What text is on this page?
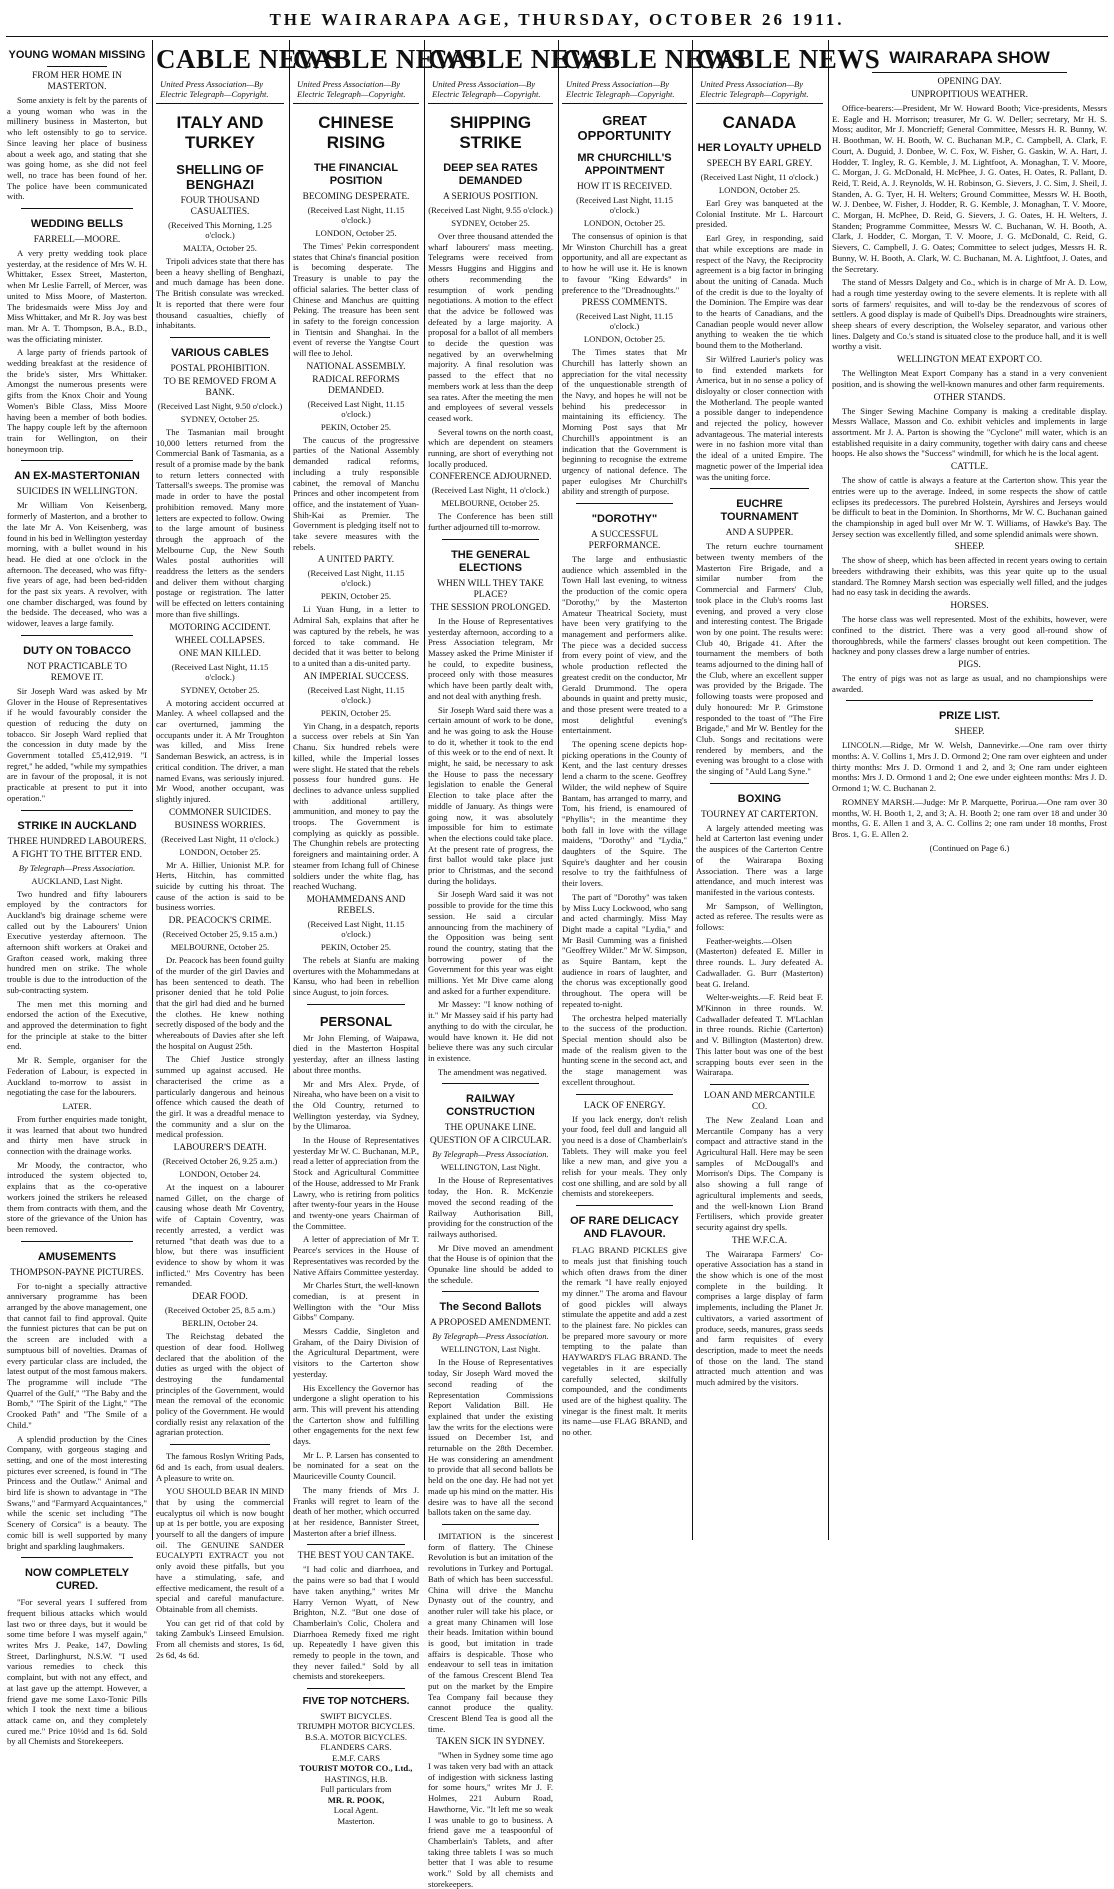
THE WAIRARAPA AGE, THURSDAY, OCTOBER 26 1911.
YOUNG WOMAN MISSING
FROM HER HOME IN MASTERTON.

Some anxiety is felt by the parents of a young woman who was in the millinery business in Masterton, but who left ostensibly to go to service. Since leaving her place of business about a week ago, and stating that she was going home, as she did not feel well, no trace has been found of her. The police have been communicated with.

WEDDING BELLS
FARRELL—MOORE.

A very pretty wedding took place yesterday, at the residence of Mrs W. H. Whittaker, Essex Street, Masterton, when Mr Leslie Farrell, of Mercer, was united to Miss Moore, of Masterton. The bridesmaids were Miss Joy and Miss Whittaker, and Mr R. Joy was best man. Mr A. T. Thompson, B.A., B.D., was the officiating minister.

A large party of friends partook of wedding breakfast at the residence of the bride's sister, Mrs Whittaker. Amongst the numerous presents were gifts from the Knox Choir and Young Women's Bible Class, Miss Moore having been a member of both bodies. The happy couple left by the afternoon train for Wellington, on their honeymoon trip.

AN EX-MASTERTONIAN
SUICIDES IN WELLINGTON.

Mr William Von Keisenberg, formerly of Masterton, and a brother to the late Mr A. Von Keisenberg, was found in his bed in Wellington yesterday morning, with a bullet wound in his head. He died at one o'clock in the afternoon. The deceased, who was fifty-five years of age, had been bed-ridden for the past six years. A revolver, with one chamber discharged, was found by the bedside. The deceased, who was a widower, leaves a large family.

DUTY ON TOBACCO
NOT PRACTICABLE TO REMOVE IT.

Sir Joseph Ward was asked by Mr Glover in the House of Representatives if he would favourably consider the question of reducing the duty on tobacco. Sir Joseph Ward replied that the concession in duty made by the Government totalled £5,412,919. "I regret," he added, "while my sympathies are in favour of the proposal, it is not practicable at present to put it into operation."

STRIKE IN AUCKLAND
THREE HUNDRED LABOURERS.
A FIGHT TO THE BITTER END.
By Telegraph—Press Association.
AUCKLAND, Last Night.

Two hundred and fifty labourers employed by the contractors for Auckland's big drainage scheme were called out by the Labourers' Union Executive yesterday afternoon. The afternoon shift workers at Orakei and Grafton ceased work, making three hundred men on strike. The whole trouble is due to the introduction of the sub-contracting system.

The men met this morning and endorsed the action of the Executive, and approved the determination to fight for the principle at stake to the bitter end.

Mr R. Semple, organiser for the Federation of Labour, is expected in Auckland to-morrow to assist in negotiating the case for the labourers.

LATER.

From further enquiries made tonight, it was learned that about two hundred and thirty men have struck in connection with the drainage works.

Mr Moody, the contractor, who introduced the system objected to, explains that as the co-operative workers joined the strikers he released them from contracts with them, and the store of the grievance of the Union has been removed.

AMUSEMENTS
THOMPSON-PAYNE PICTURES.

For to-night a specially attractive anniversary programme has been arranged by the above management, one that cannot fail to find approval. Quite the funniest pictures that can be put on the screen are included with a sumptuous bill of novelties. Dramas of every particular class are included, the latest output of the most famous makers. The programme will include "The Quarrel of the Gulf," "The Baby and the Bomb," "The Spirit of the Light," "The Crooked Path" and "The Smile of a Child."

A splendid production by the Cines Company, with gorgeous staging and setting, and one of the most interesting pictures ever screened, is found in "The Princess and the Outlaw." Animal and bird life is shown to advantage in "The Swans," and "Farmyard Acquaintances," while the scenic set including "The Scenery of Corsica" is a beauty. The comic bill is well supported by many bright and sparkling laughmakers.

NOW COMPLETELY CURED.

"For several years I suffered from frequent bilious attacks which would last two or three days, but it would be some time before I was myself again," writes Mrs J. Peake, 147, Dowling Street, Darlinghurst, N.S.W. "I used various remedies to check this complaint, but with not any effect, and at last gave up the attempt. However, a friend gave me some Laxo-Tonic Pills which I took the next time a bilious attack came on, and they completely cured me." Price 10½d and 1s 6d. Sold by all Chemists and Storekeepers.

CABLE NEWS
United Press Association—By Electric Telegraph—Copyright.
ITALY AND TURKEY
SHELLING OF BENGHAZI
FOUR THOUSAND CASUALTIES.
(Received This Morning, 1.25 o'clock.)
MALTA, October 25.

Tripoli advices state that there has been a heavy shelling of Benghazi, and much damage has been done. The British consulate was wrecked. It is reported that there were four thousand casualties, chiefly of inhabitants.

VARIOUS CABLES
POSTAL PROHIBITION.
TO BE REMOVED FROM A BANK.
(Received Last Night, 9.50 o'clock.)
SYDNEY, October 25.

The Tasmanian mail brought 10,000 letters returned from the Commercial Bank of Tasmania, as a result of a promise made by the bank to return letters connected with Tattersall's sweeps. The promise was made in order to have the postal prohibition removed. Many more letters are expected to follow. Owing to the large amount of business through the approach of the Melbourne Cup, the New South Wales postal authorities will readdress the letters as the senders and deliver them without charging postage or registration. The latter will be effected on letters containing more than five shillings.

MOTORING ACCIDENT.
WHEEL COLLAPSES.
ONE MAN KILLED.
(Received Last Night, 11.15 o'clock.)
SYDNEY, October 25.

A motoring accident occurred at Manley. A wheel collapsed and the car overturned, jamming the occupants under it. A Mr Troughton was killed, and Miss Irene Sandeman Beswick, an actress, is in critical condition. The driver, a man named Evans, was seriously injured. Mr Wood, another occupant, was slightly injured.

COMMONER SUICIDES.
BUSINESS WORRIES.
(Received Last Night, 11 o'clock.)
LONDON, October 25.

Mr A. Hillier, Unionist M.P. for Herts, Hitchin, has committed suicide by cutting his throat. The cause of the action is said to be business worries.

DR. PEACOCK'S CRIME.
(Received October 25, 9.15 a.m.)
MELBOURNE, October 25.

Dr. Peacock has been found guilty of the murder of the girl Davies and has been sentenced to death. The prisoner denied that he told Polie that the girl had died and he burned the clothes. He knew nothing secretly disposed of the body and the whereabouts of Davies after she left the hospital on August 25th.

The Chief Justice strongly summed up against accused. He characterised the crime as a particularly dangerous and heinous offence which caused the death of the girl. It was a dreadful menace to the community and a slur on the medical profession.

LABOURER'S DEATH.
(Received October 26, 9.25 a.m.)
LONDON, October 24.

At the inquest on a labourer named Gillet, on the charge of causing whose death Mr Coventry, wife of Captain Coventry, was recently arrested, a verdict was returned "that death was due to a blow, but there was insufficient evidence to show by whom it was inflicted." Mrs Coventry has been remanded.

DEAR FOOD.
(Received October 25, 8.5 a.m.)
BERLIN, October 24.

The Reichstag debated the question of dear food. Hollweg declared that the abolition of the duties as urged with the object of destroying the fundamental principles of the Government, would mean the removal of the economic policy of the Government. He would cordially resist any relaxation of the agrarian protection.

The famous Roslyn Writing Pads, 6d and 1s each, from usual dealers. A pleasure to write on.

YOU SHOULD BEAR IN MIND that by using the commercial eucalyptus oil which is now bought up at 1s per bottle, you are exposing yourself to all the dangers of impure oil. The GENUINE SANDER EUCALYPTI EXTRACT you not only avoid these pitfalls, but you have a stimulating, safe, and effective medicament, the result of a special and careful manufacture. Obtainable from all chemists.

You can get rid of that cold by taking Zambuk's Linseed Emulsion. From all chemists and stores, 1s 6d, 2s 6d, 4s 6d.

CABLE NEWS
United Press Association—By Electric Telegraph—Copyright.
CHINESE RISING
THE FINANCIAL POSITION
BECOMING DESPERATE.
(Received Last Night, 11.15 o'clock.)
LONDON, October 25.

The Times' Pekin correspondent states that China's financial position is becoming desperate. The Treasury is unable to pay the official salaries. The better class of Chinese and Manchus are quitting Peking. The treasure has been sent in safety to the foreign concession in Tientsin and Shanghai. In the event of reverse the Yangtse Court will flee to Jehol.

NATIONAL ASSEMBLY.
RADICAL REFORMS DEMANDED.
(Received Last Night, 11.15 o'clock.)
PEKIN, October 25.

The caucus of the progressive parties of the National Assembly demanded radical reforms, including a truly responsible cabinet, the removal of Manchu Princes and other incompetent from office, and the instatement of Yuan-Shih-Kai as Premier. The Government is pledging itself not to take severe measures with the rebels.

A UNITED PARTY.
(Received Last Night, 11.15 o'clock.)
PEKIN, October 25.

Li Yuan Hung, in a letter to Admiral Sah, explains that after he was captured by the rebels, he was forced to take command. He decided that it was better to belong to a united than a dis-united party.

AN IMPERIAL SUCCESS.
(Received Last Night, 11.15 o'clock.)
PEKIN, October 25.

Yin Chang, in a despatch, reports a success over rebels at Sin Yan Chanu. Six hundred rebels were killed, while the Imperial losses were slight. He stated that the rebels possess four hundred guns. He declines to advance unless supplied with additional artillery, ammunition, and money to pay the troops. The Government is complying as quickly as possible. The Chunghin rebels are protecting foreigners and maintaining order. A steamer from Ichang full of Chinese soldiers under the white flag, has reached Wuchang.

MOHAMMEDANS AND REBELS.
(Received Last Night, 11.15 o'clock.)
PEKIN, October 25.

The rebels at Sianfu are making overtures with the Mohammedans at Kansu, who had been in rebellion since August, to join forces.

PERSONAL

Mr John Fleming, of Waipawa, died in the Masterton Hospital yesterday, after an illness lasting about three months.

Mr and Mrs Alex. Pryde, of Nireaha, who have been on a visit to the Old Country, returned to Wellington yesterday, via Sydney, by the Ulimaroa.

In the House of Representatives yesterday Mr W. C. Buchanan, M.P., read a letter of appreciation from the Stock and Agricultural Committee of the House, addressed to Mr Frank Lawry, who is retiring from politics after twenty-four years in the House and twenty-one years Chairman of the Committee.

A letter of appreciation of Mr T. Pearce's services in the House of Representatives was recorded by the Native Affairs Committee yesterday.

Mr Charles Sturt, the well-known comedian, is at present in Wellington with the "Our Miss Gibbs" Company.

Messrs Caddie, Singleton and Graham, of the Dairy Division of the Agricultural Department, were visitors to the Carterton show yesterday.

His Excellency the Governor has undergone a slight operation to his arm. This will prevent his attending the Carterton show and fulfilling other engagements for the next few days.

Mr L. P. Larsen has consented to be nominated for a seat on the Mauriceville County Council.

The many friends of Mrs J. Franks will regret to learn of the death of her mother, which occurred at her residence, Bannister Street, Masterton after a brief illness.

THE BEST YOU CAN TAKE.

"I had colic and diarrhoea, and the pains were so bad that I would have taken anything," writes Mr Harry Vernon Wyatt, of New Brighton, N.Z. "But one dose of Chamberlain's Colic, Cholera and Diarrhoea Remedy fixed me right up. Repeatedly I have given this remedy to people in the town, and they never failed." Sold by all chemists and storekeepers.

FIVE TOP NOTCHERS.
SWIFT BICYCLES.
TRIUMPH MOTOR BICYCLES.
B.S.A. MOTOR BICYCLES.
FLANDERS CARS.
E.M.F. CARS
TOURIST MOTOR CO., Ltd.,
HASTINGS, H.B.
Full particulars from
MR. R. POOK,
Local Agent.
Masterton.
CABLE NEWS
United Press Association—By Electric Telegraph—Copyright.
SHIPPING STRIKE
DEEP SEA RATES DEMANDED
A SERIOUS POSITION.
(Received Last Night, 9.55 o'clock.)
SYDNEY, October 25.

Over three thousand attended the wharf labourers' mass meeting. Telegrams were received from Messrs Huggins and Higgins and others recommending the resumption of work pending negotiations. A motion to the effect that the advice be followed was defeated by a large majority. A proposal for a ballot of all members to decide the question was negatived by an overwhelming majority. A final resolution was passed to the effect that no members work at less than the deep sea rates. After the meeting the men and employees of several vessels ceased work.

Several towns on the north coast, which are dependent on steamers running, are short of everything not locally produced.

CONFERENCE ADJOURNED.
(Received Last Night, 11 o'clock.)
MELBOURNE, October 25.

The Conference has been still further adjourned till to-morrow.

THE GENERAL ELECTIONS
WHEN WILL THEY TAKE PLACE?
THE SESSION PROLONGED.

In the House of Representatives yesterday afternoon, according to a Press Association telegram, Mr Massey asked the Prime Minister if he could, to expedite business, proceed only with those measures which have been partly dealt with, and not deal with anything fresh.

Sir Joseph Ward said there was a certain amount of work to be done, and he was going to ask the House to do it, whether it took to the end of this week or to the end of next. It might, he said, be necessary to ask the House to pass the necessary legislation to enable the General Election to take place after the middle of January. As things were going now, it was absolutely impossible for him to estimate when the elections could take place. At the present rate of progress, the first ballot would take place just prior to Christmas, and the second during the holidays.

Sir Joseph Ward said it was not possible to provide for the time this session. He said a circular announcing from the machinery of the Opposition was being sent round the country, stating that the borrowing power of the Government for this year was eight millions. Yet Mr Dive came along and asked for a further expenditure.

Mr Massey: "I know nothing of it." Mr Massey said if his party had anything to do with the circular, he would have known it. He did not believe there was any such circular in existence.

The amendment was negatived.

RAILWAY CONSTRUCTION
THE OPUNAKE LINE.
QUESTION OF A CIRCULAR.
By Telegraph—Press Association.
WELLINGTON, Last Night.

In the House of Representatives today, the Hon. R. McKenzie moved the second reading of the Railway Authorisation Bill, providing for the construction of the railways authorised.

Mr Dive moved an amendment that the House is of opinion that the Opunake line should be added to the schedule.

The Second Ballots
A PROPOSED AMENDMENT.
By Telegraph—Press Association.
WELLINGTON, Last Night.

In the House of Representatives today, Sir Joseph Ward moved the second reading of the Representation Commissions Report Validation Bill. He explained that under the existing law the writs for the elections were issued on December 1st, and returnable on the 28th December. He was considering an amendment to provide that all second ballots be held on the one day. He had not yet made up his mind on the matter. His desire was to have all the second ballots taken on the same day.

IMITATION is the sincerest form of flattery. The Chinese Revolution is but an imitation of the revolutions in Turkey and Portugal. Bath of which has been successful. China will drive the Manchu Dynasty out of the country, and another ruler will take his place, or a great many Chinamen will lose their heads. Imitation within bound is good, but imitation in trade affairs is despicable. Those who endeavour to sell teas in imitation of the famous Crescent Blend Tea put on the market by the Empire Tea Company fail because they cannot produce the quality. Crescent Blend Tea is good all the time.

TAKEN SICK IN SYDNEY.

"When in Sydney some time ago I was taken very bad with an attack of indigestion with sickness lasting for some hours," writes Mr J. F. Holmes, 221 Auburn Road, Hawthorne, Vic. "It left me so weak I was unable to go to business. A friend gave me a teaspoonful of Chamberlain's Tablets, and after taking three tablets I was so much better that I was able to resume work." Sold by all chemists and storekeepers.

CABLE NEWS
United Press Association—By Electric Telegraph—Copyright.
GREAT OPPORTUNITY
MR CHURCHILL'S APPOINTMENT
HOW IT IS RECEIVED.
(Received Last Night, 11.15 o'clock.)
LONDON, October 25.

The consensus of opinion is that Mr Winston Churchill has a great opportunity, and all are expectant as to how he will use it. He is known to favour "King Edwards" in preference to the "Dreadnoughts."

PRESS COMMENTS.
(Received Last Night, 11.15 o'clock.)
LONDON, October 25.

The Times states that Mr Churchill has latterly shown an appreciation for the vital necessity of the unquestionable strength of the Navy, and hopes he will not be behind his predecessor in maintaining its efficiency. The Morning Post says that Mr Churchill's appointment is an indication that the Government is beginning to recognise the extreme urgency of national defence. The paper eulogises Mr Churchill's ability and strength of purpose.

"DOROTHY"
A SUCCESSFUL PERFORMANCE.

The large and enthusiastic audience which assembled in the Town Hall last evening, to witness the production of the comic opera "Dorothy," by the Masterton Amateur Theatrical Society, must have been very gratifying to the management and performers alike. The piece was a decided success from every point of view, and the whole production reflected the greatest credit on the conductor, Mr Gerald Drummond. The opera abounds in quaint and pretty music, and those present were treated to a most delightful evening's entertainment.

The opening scene depicts hop-picking operations in the County of Kent, and the last century dresses lend a charm to the scene. Geoffrey Wilder, the wild nephew of Squire Bantam, has arranged to marry, and Tom, his friend, is enamoured of "Phyllis"; in the meantime they both fall in love with the village maidens, "Dorothy" and "Lydia," daughters of the Squire. The Squire's daughter and her cousin resolve to try the faithfulness of their lovers.

The part of "Dorothy" was taken by Miss Lucy Lockwood, who sang and acted charmingly. Miss May Dight made a capital "Lydia," and Mr Basil Cumming was a finished "Geoffrey Wilder." Mr W. Simpson, as Squire Bantam, kept the audience in roars of laughter, and the chorus was exceptionally good throughout. The opera will be repeated to-night.

The orchestra helped materially to the success of the production. Special mention should also be made of the realism given to the hunting scene in the second act, and the stage management was excellent throughout.

LACK OF ENERGY.

If you lack energy, don't relish your food, feel dull and languid all you need is a dose of Chamberlain's Tablets. They will make you feel like a new man, and give you a relish for your meals. They only cost one shilling, and are sold by all chemists and storekeepers.

OF RARE DELICACY AND FLAVOUR.

FLAG BRAND PICKLES give to meals just that finishing touch which often draws from the diner the remark "I have really enjoyed my dinner." The aroma and flavour of good pickles will always stimulate the appetite and add a zest to the plainest fare. No pickles can be prepared more savoury or more tempting to the palate than HAYWARD'S FLAG BRAND. The vegetables in it are especially carefully selected, skilfully compounded, and the condiments used are of the highest quality. The vinegar is the finest malt. It merits its name—use FLAG BRAND, and no other.

CABLE NEWS
United Press Association—By Electric Telegraph—Copyright.
CANADA
HER LOYALTY UPHELD
SPEECH BY EARL GREY.
(Received Last Night, 11 o'clock.)
LONDON, October 25.

Earl Grey was banqueted at the Colonial Institute. Mr L. Harcourt presided.

Earl Grey, in responding, said that while exceptions are made in respect of the Navy, the Reciprocity agreement is a big factor in bringing about the uniting of Canada. Much of the credit is due to the loyalty of the Dominion. The Empire was dear to the hearts of Canadians, and the Canadian people would never allow anything to weaken the tie which bound them to the Motherland.

Sir Wilfred Laurier's policy was to find extended markets for America, but in no sense a policy of disloyalty or closer connection with the Motherland. The people wanted a possible danger to independence and rejected the policy, however advantageous. The material interests were in no fashion more vital than the ideal of a united Empire. The magnetic power of the Imperial idea was the uniting force.

EUCHRE TOURNAMENT
AND A SUPPER.

The return euchre tournament between twenty members of the Masterton Fire Brigade, and a similar number from the Commercial and Farmers' Club, took place in the Club's rooms last evening, and proved a very close and interesting contest. The Brigade won by one point. The results were: Club 40, Brigade 41. After the tournament the members of both teams adjourned to the dining hall of the Club, where an excellent supper was provided by the Brigade. The following toasts were proposed and duly honoured: Mr P. Grimstone responded to the toast of "The Fire Brigade," and Mr W. Bentley for the Club. Songs and recitations were rendered by members, and the evening was brought to a close with the singing of "Auld Lang Syne."

BOXING
TOURNEY AT CARTERTON.

A largely attended meeting was held at Carterton last evening under the auspices of the Carterton Centre of the Wairarapa Boxing Association. There was a large attendance, and much interest was manifested in the various contests.

Mr Sampson, of Wellington, acted as referee. The results were as follows:

Feather-weights.—Olsen (Masterton) defeated E. Miller in three rounds. L. Jury defeated A. Cadwallader. G. Burr (Masterton) beat G. Ireland.

Welter-weights.—F. Reid beat F. M'Kinnon in three rounds. W. Cadwallader defeated T. M'Lachlan in three rounds. Richie (Carterton) and V. Billington (Masterton) drew. This latter bout was one of the best scrapping bouts ever seen in the Wairarapa.

LOAN AND MERCANTILE CO.

The New Zealand Loan and Mercantile Company has a very compact and attractive stand in the Agricultural Hall. Here may be seen samples of McDougall's and Morrison's Dips. The Company is also showing a full range of agricultural implements and seeds, and the well-known Lion Brand Fertilisers, which provide greater security against dry spells.

THE W.F.C.A.

The Wairarapa Farmers' Co-operative Association has a stand in the show which is one of the most complete in the building. It comprises a large display of farm implements, including the Planet Jr. cultivators, a varied assortment of produce, seeds, manures, grass seeds and farm requisites of every description, made to meet the needs of those on the land. The stand attracted much attention and was much admired by the visitors.

WAIRARAPA SHOW
OPENING DAY.
UNPROPITIOUS WEATHER.

Office-bearers:—President, Mr W. Howard Booth; Vice-presidents, Messrs E. Eagle and H. Morrison; treasurer, Mr G. W. Deller; secretary, Mr H. S. Moss; auditor, Mr J. Moncrieff; General Committee, Messrs H. R. Bunny, W. H. Boothman, W. H. Booth, W. C. Buchanan M.P., C. Campbell, A. Clark, F. Court, A. Duguid, J. Donbee, W. C. Fox, W. Fisher, G. Gaskin, W. A. Hart, J. Hodder, T. Ingley, R. G. Kemble, J. M. Lightfoot, A. Monaghan, T. V. Moore, C. Morgan, J. G. McDonald, H. McPhee, J. G. Oates, H. Oates, R. Pallant, D. Reid, T. Reid, A. J. Reynolds, W. H. Robinson, G. Sievers, J. C. Sim, J. Sheil, J. Standen, A. G. Tyer, H. H. Welters; Ground Committee, Messrs W. H. Booth, W. J. Denbee, W. Fisher, J. Hodder, R. G. Kemble, J. Monaghan, T. V. Moore, C. Morgan, H. McPhee, D. Reid, G. Sievers, J. G. Oates, H. H. Welters, J. Standen; Programme Committee, Messrs W. C. Buchanan, W. H. Booth, A. Clark, J. Hodder, C. Morgan, T. V. Moore, J. G. McDonald, C. Reid, G. Sievers, C. Campbell, J. G. Oates; Committee to select judges, Messrs H. R. Bunny, W. H. Booth, A. Clark, W. C. Buchanan, M. A. Lightfoot, J. Oates, and the Secretary.

The stand of Messrs Dalgety and Co., which is in charge of Mr A. D. Low, had a rough time yesterday owing to the severe elements. It is replete with all sorts of farmers' requisites, and will to-day be the rendezvous of scores of settlers. A good display is made of Quibell's Dips. Dreadnoughts wire strainers, sheep shears of every description, the Wolseley separator, and various other lines. Dalgety and Co.'s stand is situated close to the produce hall, and it is well worthy a visit.

WELLINGTON MEAT EXPORT CO.

The Wellington Meat Export Company has a stand in a very convenient position, and is showing the well-known manures and other farm requirements.

OTHER STANDS.

The Singer Sewing Machine Company is making a creditable display. Messrs Wallace, Masson and Co. exhibit vehicles and implements in large assortment. Mr J. A. Parton is showing the "Cyclone" mill water, which is an established requisite in a dairy community, together with dairy cans and cheese hoops. He also shows the "Success" windmill, for which he is the local agent.

CATTLE.

The show of cattle is always a feature at the Carterton show. This year the entries were up to the average. Indeed, in some respects the show of cattle eclipses its predecessors. The purebred Holstein, Ayrshires and Jerseys would be difficult to beat in the Dominion. In Shorthorns, Mr W. C. Buchanan gained the championship in aged bull over Mr W. T. Williams, of Hawke's Bay. The Jersey section was excellently filled, and some splendid animals were shown.

SHEEP.

The show of sheep, which has been affected in recent years owing to certain breeders withdrawing their exhibits, was this year quite up to the usual standard. The Romney Marsh section was especially well filled, and the judges had no easy task in deciding the awards.

HORSES.

The horse class was well represented. Most of the exhibits, however, were confined to the district. There was a very good all-round show of thoroughbreds, while the farmers' classes brought out keen competition. The hackney and pony classes drew a large number of entries.

PIGS.

The entry of pigs was not as large as usual, and no championships were awarded.

PRIZE LIST.
SHEEP.

LINCOLN.—Ridge, Mr W. Welsh, Dannevirke.—One ram over thirty months: A. V. Collins 1, Mrs J. D. Ormond 2; One ram over eighteen and under thirty months: Mrs J. D. Ormond 1 and 2, and 3; One ram under eighteen months: Mrs J. D. Ormond 1 and 2; One ewe under eighteen months: Mrs J. D. Ormond 1; W. C. Buchanan 2.

ROMNEY MARSH.—Judge: Mr P. Marquette, Porirua.—One ram over 30 months, W. H. Booth 1, 2, and 3; A. H. Booth 2; one ram over 18 and under 30 months, G. E. Allen 1 and 3, A. C. Collins 2; one ram under 18 months, Frost Bros. 1, G. E. Allen 2.

(Continued on Page 6.)
